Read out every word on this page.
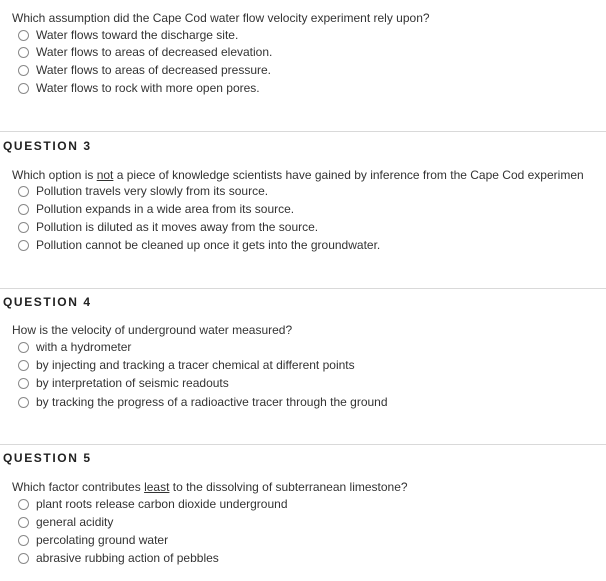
Which assumption did the Cape Cod water flow velocity experiment rely upon?
Water flows toward the discharge site.
Water flows to areas of decreased elevation.
Water flows to areas of decreased pressure.
Water flows to rock with more open pores.
QUESTION 3
Which option is not a piece of knowledge scientists have gained by inference from the Cape Cod experimen
Pollution travels very slowly from its source.
Pollution expands in a wide area from its source.
Pollution is diluted as it moves away from the source.
Pollution cannot be cleaned up once it gets into the groundwater.
QUESTION 4
How is the velocity of underground water measured?
with a hydrometer
by injecting and tracking a tracer chemical at different points
by interpretation of seismic readouts
by tracking the progress of a radioactive tracer through the ground
QUESTION 5
Which factor contributes least to the dissolving of subterranean limestone?
plant roots release carbon dioxide underground
general acidity
percolating ground water
abrasive rubbing action of pebbles
